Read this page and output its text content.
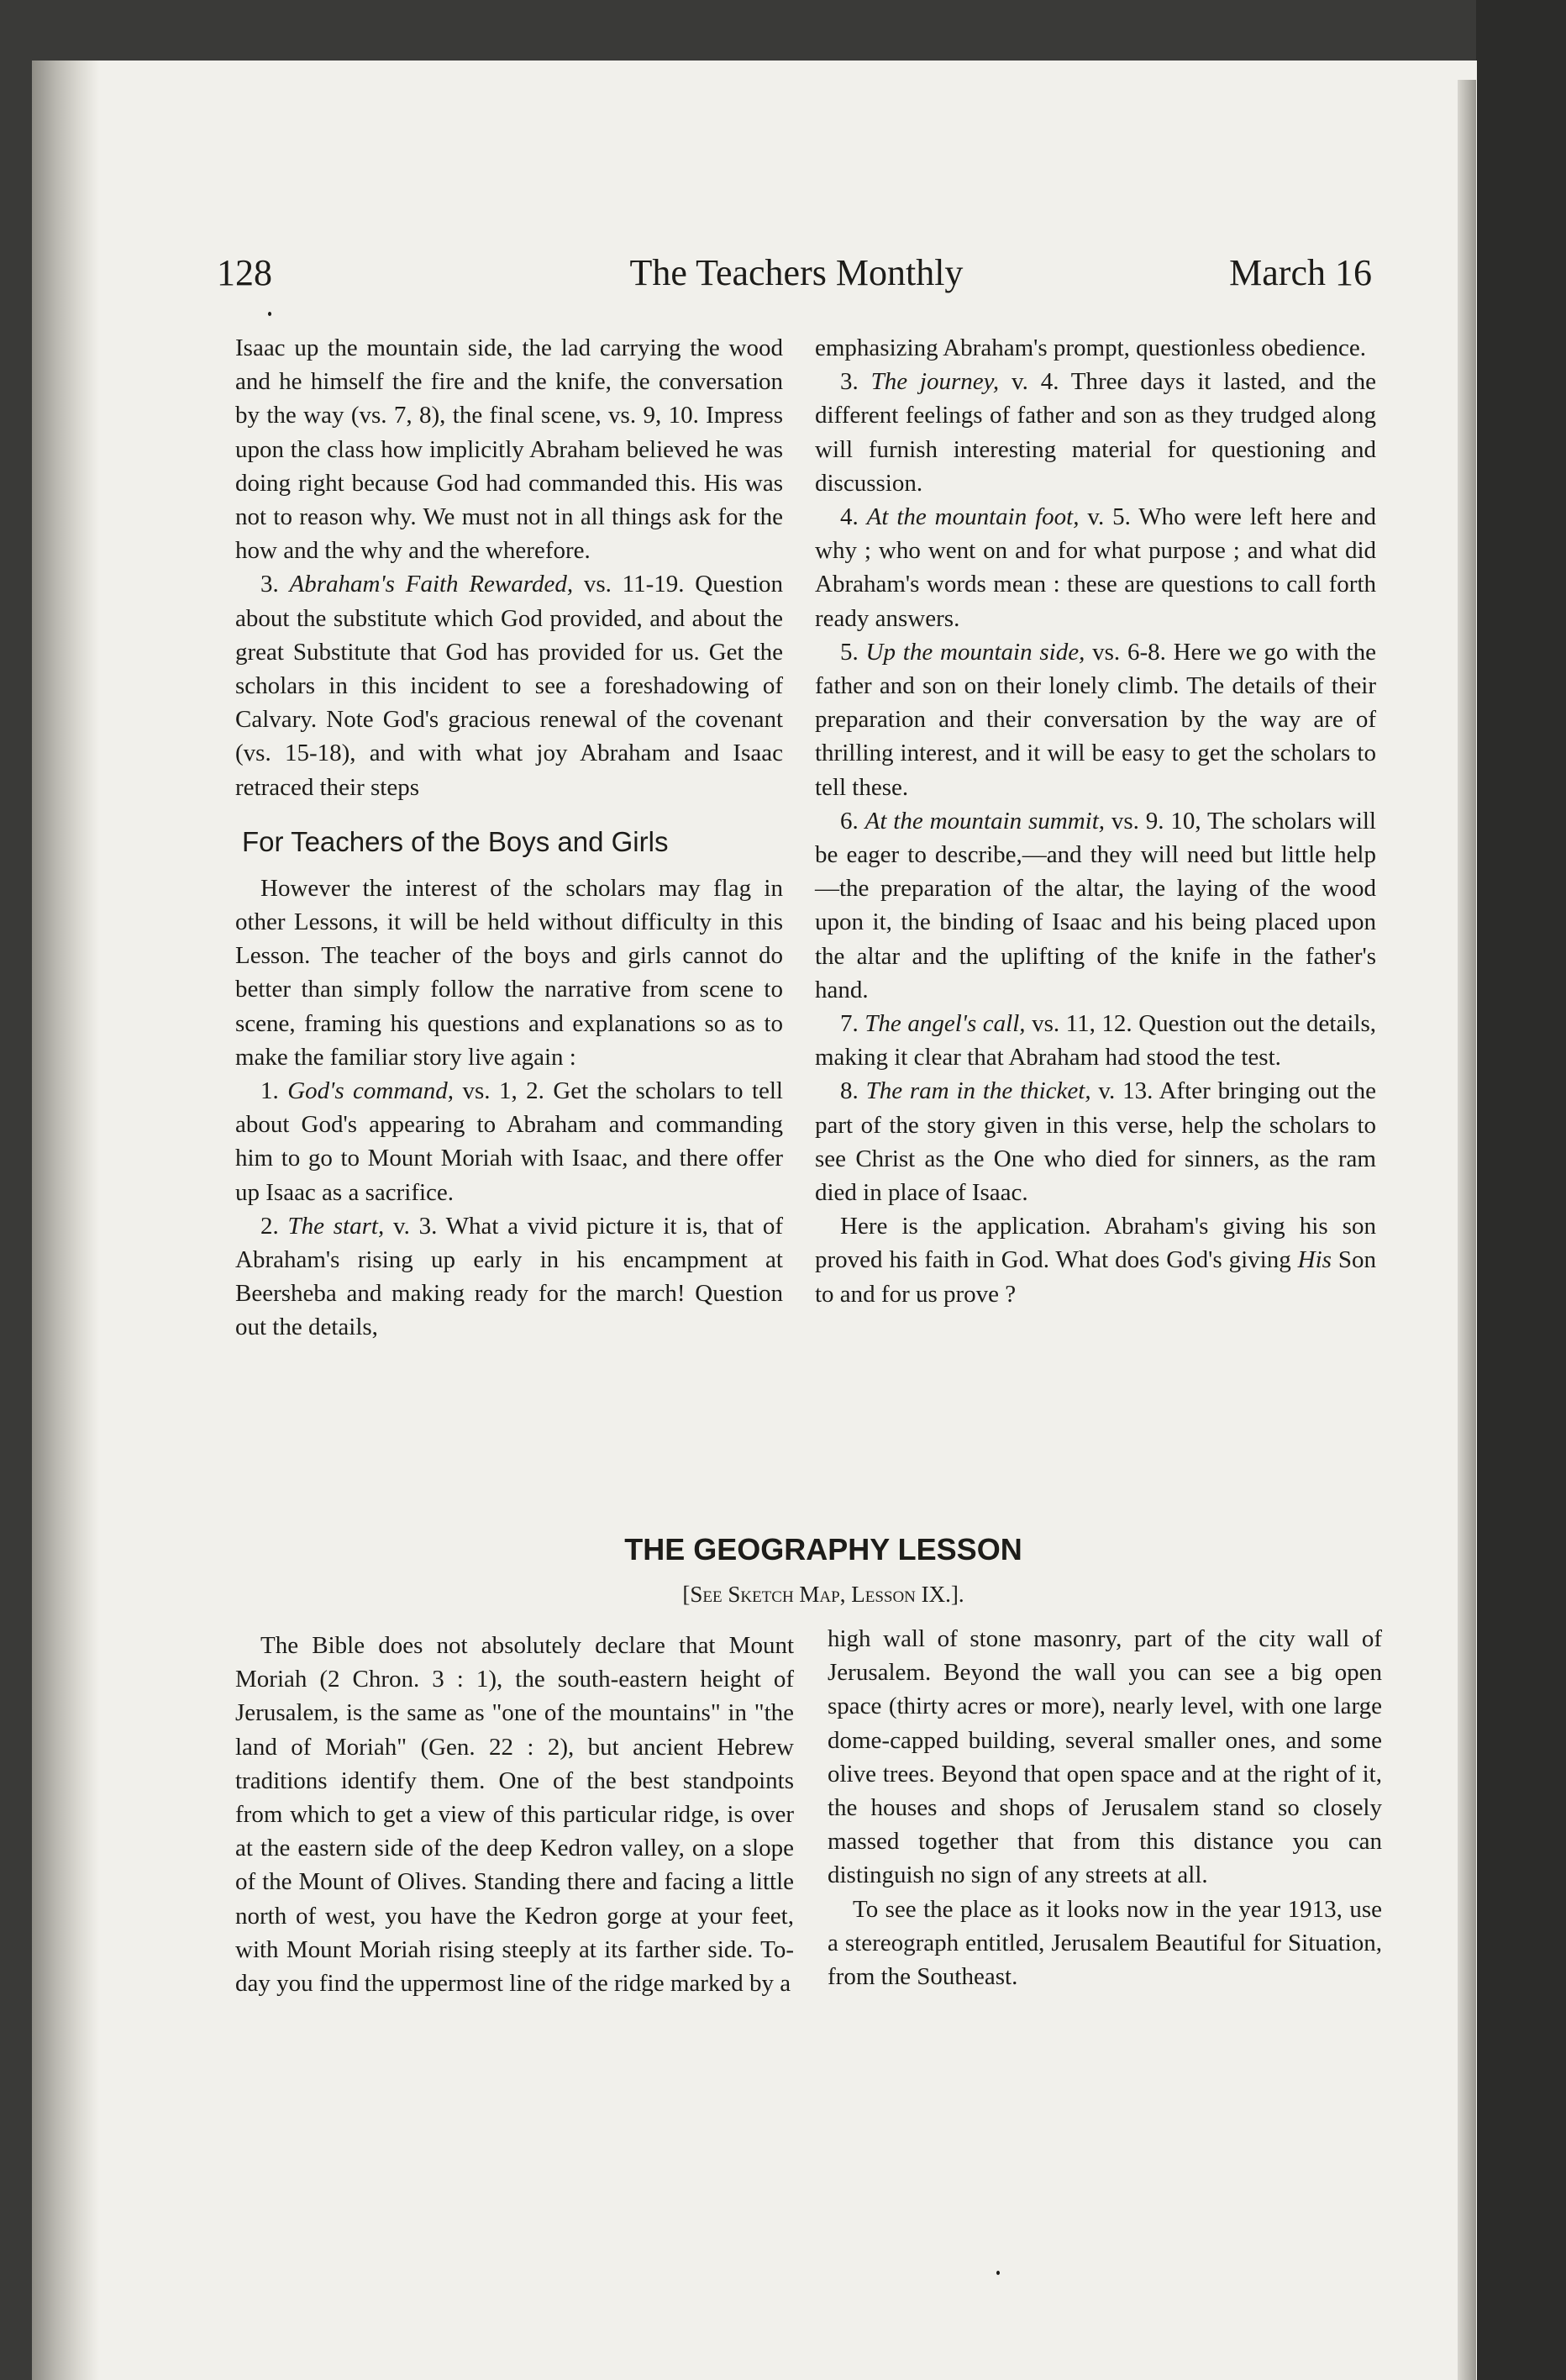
128	The Teachers Monthly	March 16

Isaac up the mountain side, the lad carrying the wood and he himself the fire and the knife, the conversation by the way (vs. 7, 8), the final scene, vs. 9, 10. Impress upon the class how implicitly Abraham believed he was doing right because God had commanded this. His was not to reason why. We must not in all things ask for the how and the why and the wherefore.

3. Abraham's Faith Rewarded, vs. 11-19. Question about the substitute which God provided, and about the great Substitute that God has provided for us. Get the scholars in this incident to see a foreshadowing of Calvary. Note God's gracious renewal of the covenant (vs. 15-18), and with what joy Abraham and Isaac retraced their steps

For Teachers of the Boys and Girls

However the interest of the scholars may flag in other Lessons, it will be held without difficulty in this Lesson. The teacher of the boys and girls cannot do better than simply follow the narrative from scene to scene, framing his questions and explanations so as to make the familiar story live again :

1. God's command, vs. 1, 2. Get the scholars to tell about God's appearing to Abraham and commanding him to go to Mount Moriah with Isaac, and there offer up Isaac as a sacrifice.

2. The start, v. 3. What a vivid picture it is, that of Abraham's rising up early in his encampment at Beersheba and making ready for the march! Question out the details,

emphasizing Abraham's prompt, questionless obedience.

3. The journey, v. 4. Three days it lasted, and the different feelings of father and son as they trudged along will furnish interesting material for questioning and discussion.

4. At the mountain foot, v. 5. Who were left here and why ; who went on and for what purpose ; and what did Abraham's words mean : these are questions to call forth ready answers.

5. Up the mountain side, vs. 6-8. Here we go with the father and son on their lonely climb. The details of their preparation and their conversation by the way are of thrilling interest, and it will be easy to get the scholars to tell these.

6. At the mountain summit, vs. 9. 10, The scholars will be eager to describe,—and they will need but little help—the preparation of the altar, the laying of the wood upon it, the binding of Isaac and his being placed upon the altar and the uplifting of the knife in the father's hand.

7. The angel's call, vs. 11, 12. Question out the details, making it clear that Abraham had stood the test.

8. The ram in the thicket, v. 13. After bringing out the part of the story given in this verse, help the scholars to see Christ as the One who died for sinners, as the ram died in place of Isaac.

Here is the application. Abraham's giving his son proved his faith in God. What does God's giving His Son to and for us prove ?

THE GEOGRAPHY LESSON
[See Sketch Map, Lesson IX.].

The Bible does not absolutely declare that Mount Moriah (2 Chron. 3 : 1), the south-eastern height of Jerusalem, is the same as "one of the mountains" in "the land of Moriah" (Gen. 22 : 2), but ancient Hebrew traditions identify them. One of the best standpoints from which to get a view of this particular ridge, is over at the eastern side of the deep Kedron valley, on a slope of the Mount of Olives. Standing there and facing a little north of west, you have the Kedron gorge at your feet, with Mount Moriah rising steeply at its farther side. To-day you find the uppermost line of the ridge marked by a

high wall of stone masonry, part of the city wall of Jerusalem. Beyond the wall you can see a big open space (thirty acres or more), nearly level, with one large dome-capped building, several smaller ones, and some olive trees. Beyond that open space and at the right of it, the houses and shops of Jerusalem stand so closely massed together that from this distance you can distinguish no sign of any streets at all.

To see the place as it looks now in the year 1913, use a stereograph entitled, Jerusalem Beautiful for Situation, from the Southeast.
